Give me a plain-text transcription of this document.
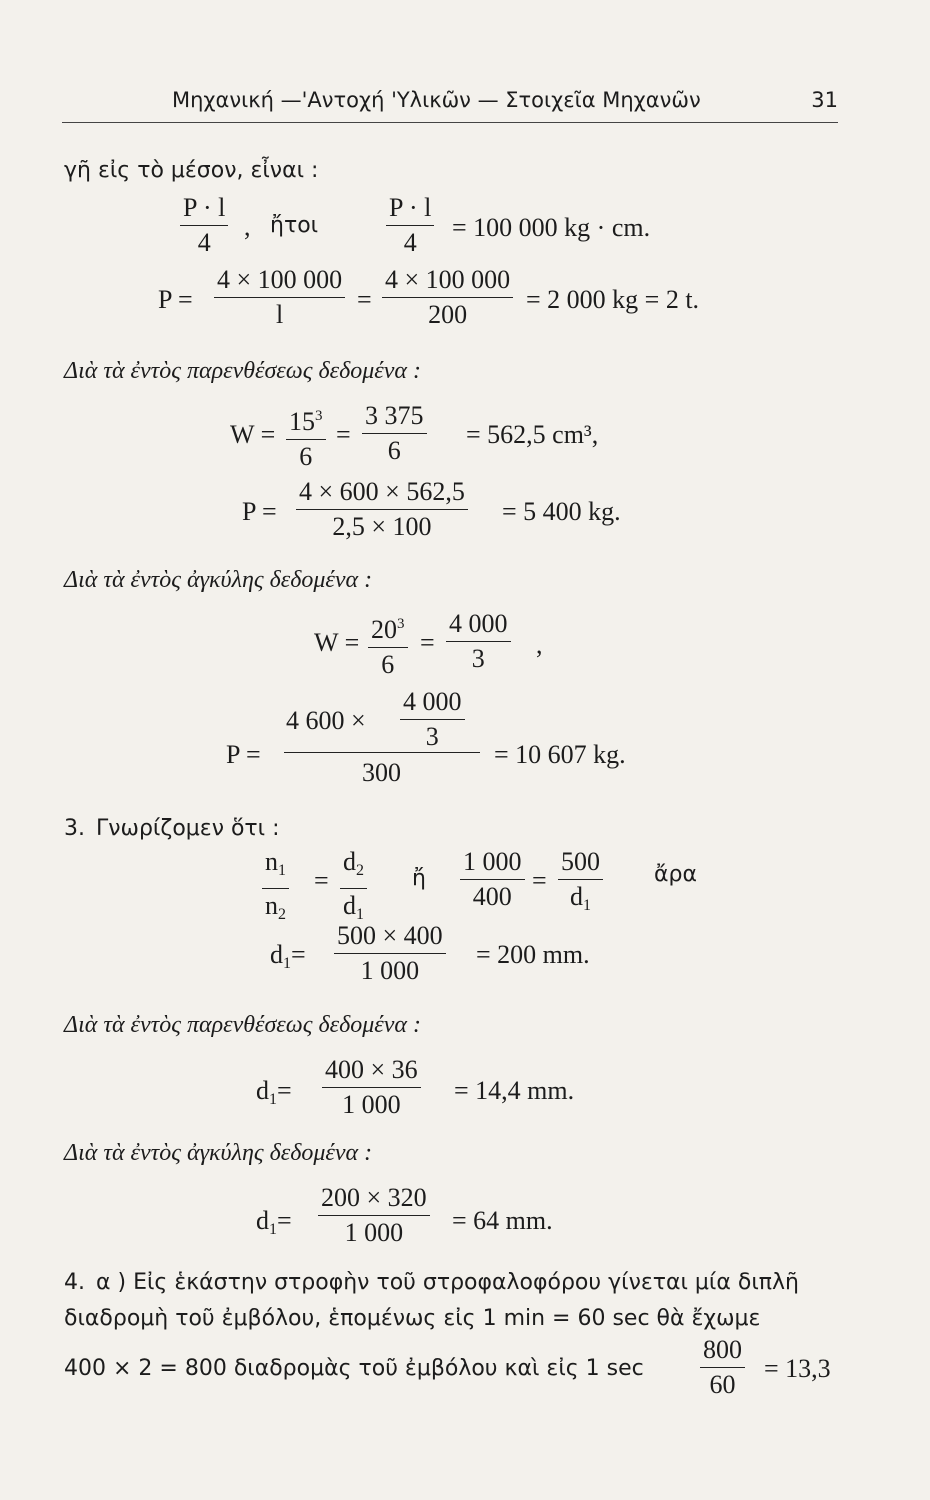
Μηχανική —'Αντοχή 'Υλικῶν — Στοιχεῖα Μηχανῶν	31
γῆ εἰς τὸ μέσον, εἶναι :
P · l
4
, ἤτοι
P · l
4
= 100 000 kg · cm.
P =
4 × 100 000
l
=
4 × 100 000
200
= 2 000 kg = 2 t.
Διὰ τὰ ἐντὸς παρενθέσεως δεδομένα :
$W = 15^3$
6
=
3 375
6
= 562,5 cm³,
P =
4 × 600 × 562,5
2,5 × 100
= 5 400 kg.
Διὰ τὰ ἐντὸς ἀγκύλης δεδομένα :
$W = 20^3$
6
=
4 000
3 ,
4 600 ×
4 000
3
P =
300
= 10 607 kg.
3. Γνωρίζομεν ὅτι :
$n_1$
$n_2$
=
$d_2$
$d_1$
ἤ
1 000
400
=
500
$d_1$
ἄρα
$d_1=$
500 × 400
1 000
= 200 mm.
Διὰ τὰ ἐντὸς παρενθέσεως δεδομένα :
$d_1=$
400 × 36
1 000 = 14,4 mm.
Διὰ τὰ ἐντὸς ἀγκύλης δεδομένα :
$d_1=$
200 × 320
1 000 = 64 mm.
4. α ) Εἰς ἑκάστην στροφὴν τοῦ στροφαλοφόρου γίνεται μία διπλῆ
διαδρομὴ τοῦ ἐμβόλου, ἑπομένως εἰς 1 min = 60 sec θὰ ἔχωμε
400 × 2 = 800 διαδρομὰς τοῦ ἐμβόλου καὶ εἰς 1 sec
800
60
= 13,3
